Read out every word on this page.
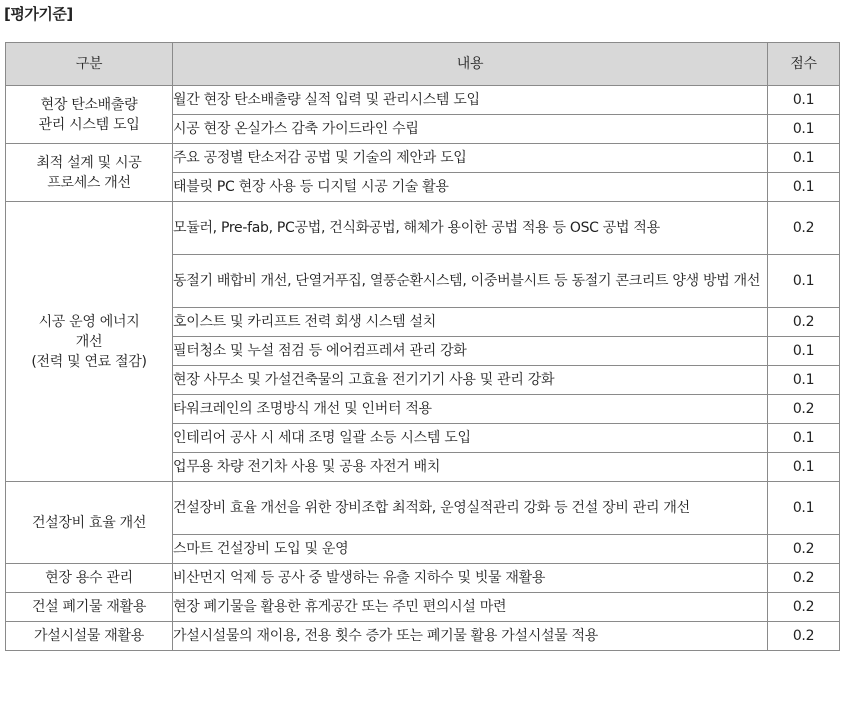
[평가기준]
구분	내용	점수

현장 탄소배출량
관리 시스템 도입	월간 현장 탄소배출량 실적 입력 및 관리시스템 도입	0.1
	시공 현장 온실가스 감축 가이드라인 수립	0.1

최적 설계 및 시공
프로세스 개선	주요 공정별 탄소저감 공법 및 기술의 제안과 도입	0.1
	태블릿 PC 현장 사용 등 디지털 시공 기술 활용	0.1

시공 운영 에너지
개선
(전력 및 연료 절감)	모듈러, Pre-fab, PC공법, 건식화공법, 해체가 용이한 공법 적용 등 OSC 공법 적용	0.2
	동절기 배합비 개선, 단열거푸집, 열풍순환시스템, 이중버블시트 등 동절기 콘크리트 양생 방법 개선	0.1
	호이스트 및 카리프트 전력 회생 시스템 설치	0.2
	필터청소 및 누설 점검 등 에어컴프레셔 관리 강화	0.1
	현장 사무소 및 가설건축물의 고효율 전기기기 사용 및 관리 강화	0.1
	타워크레인의 조명방식 개선 및 인버터 적용	0.2
	인테리어 공사 시 세대 조명 일괄 소등 시스템 도입	0.1
	업무용 차량 전기차 사용 및 공용 자전거 배치	0.1

건설장비 효율 개선	건설장비 효율 개선을 위한 장비조합 최적화, 운영실적관리 강화 등 건설 장비 관리 개선	0.1
	스마트 건설장비 도입 및 운영	0.2

현장 용수 관리	비산먼지 억제 등 공사 중 발생하는 유출 지하수 및 빗물 재활용	0.2

건설 폐기물 재활용	현장 폐기물을 활용한 휴게공간 또는 주민 편의시설 마련	0.2

가설시설물 재활용	가설시설물의 재이용, 전용 횟수 증가 또는 폐기물 활용 가설시설물 적용	0.2
